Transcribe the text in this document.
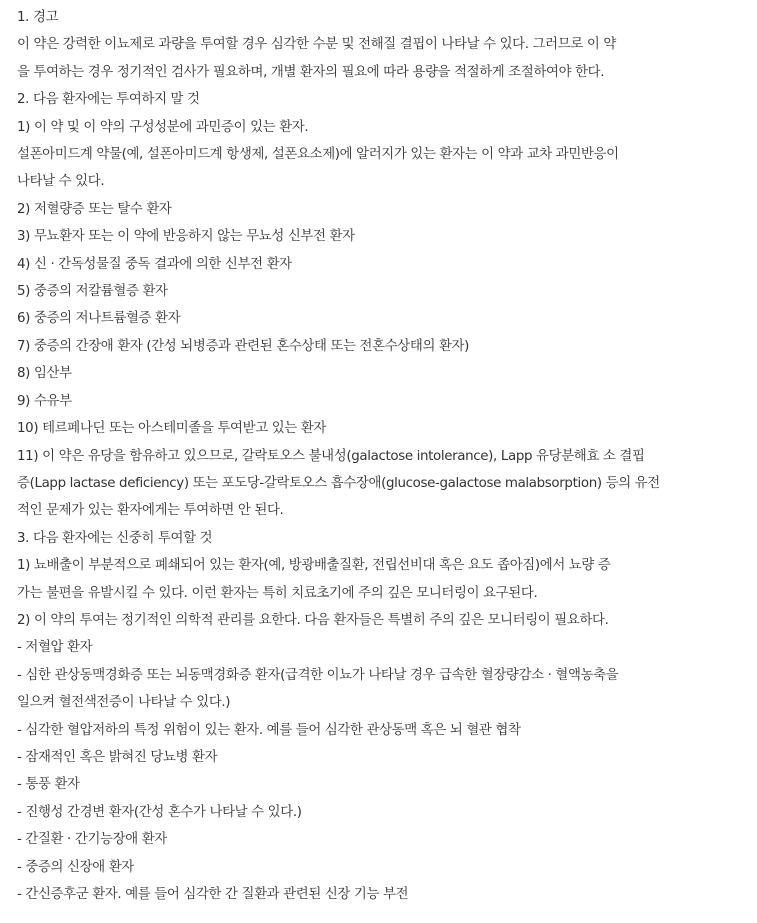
1. 경고
이 약은 강력한 이뇨제로 과량을 투여할 경우 심각한 수분 및 전해질 결핍이 나타날 수 있다. 그러므로 이 약
을 투여하는 경우 정기적인 검사가 필요하며, 개별 환자의 필요에 따라 용량을 적절하게 조절하여야 한다.
2. 다음 환자에는 투여하지 말 것
1) 이 약 및 이 약의 구성성분에 과민증이 있는 환자.
설폰아미드계 약물(예, 설폰아미드계 항생제, 설폰요소제)에 알러지가 있는 환자는 이 약과 교차 과민반응이
나타날 수 있다.
2) 저혈량증 또는 탈수 환자
3) 무뇨환자 또는 이 약에 반응하지 않는 무뇨성 신부전 환자
4) 신 · 간독성물질 중독 결과에 의한 신부전 환자
5) 중증의 저칼륨혈증 환자
6) 중증의 저나트륨혈증 환자
7) 중증의 간장애 환자 (간성 뇌병증과 관련된 혼수상태 또는 전혼수상태의 환자)
8) 임산부
9) 수유부
10) 테르페나딘 또는 아스테미졸을 투여받고 있는 환자
11) 이 약은 유당을 함유하고 있으므로, 갈락토오스 불내성(galactose intolerance), Lapp 유당분해효 소 결핍
증(Lapp lactase deficiency) 또는 포도당-갈락토오스 흡수장애(glucose-galactose malabsorption) 등의 유전
적인 문제가 있는 환자에게는 투여하면 안 된다.
3. 다음 환자에는 신중히 투여할 것
1) 뇨배출이 부분적으로 폐쇄되어 있는 환자(예, 방광배출질환, 전립선비대 혹은 요도 좁아짐)에서 뇨량 증
가는 불편을 유발시킬 수 있다. 이런 환자는 특히 치료초기에 주의 깊은 모니터링이 요구된다.
2) 이 약의 투여는 정기적인 의학적 관리를 요한다. 다음 환자들은 특별히 주의 깊은 모니터링이 필요하다.
- 저혈압 환자
- 심한 관상동맥경화증 또는 뇌동맥경화증 환자(급격한 이뇨가 나타날 경우 급속한 혈장량감소 · 혈액농축을
일으켜 혈전색전증이 나타날 수 있다.)
- 심각한 혈압저하의 특정 위험이 있는 환자. 예를 들어 심각한 관상동맥 혹은 뇌 혈관 협착
- 잠재적인 혹은 밝혀진 당뇨병 환자
- 통풍 환자
- 진행성 간경변 환자(간성 혼수가 나타날 수 있다.)
- 간질환 · 간기능장애 환자
- 중증의 신장애 환자
- 간신증후군 환자. 예를 들어 심각한 간 질환과 관련된 신장 기능 부전
